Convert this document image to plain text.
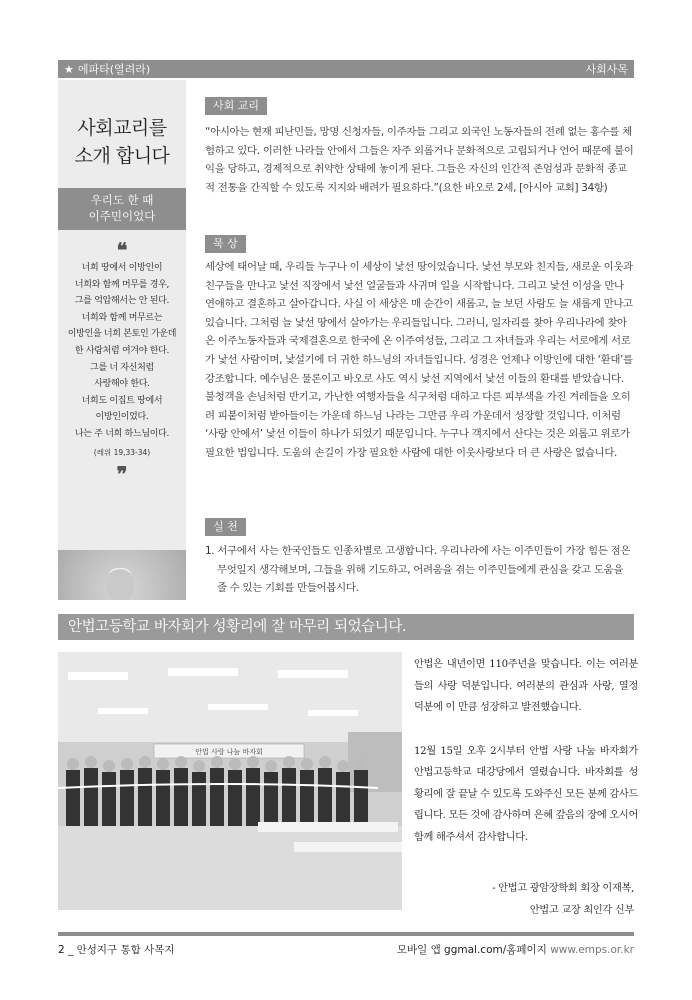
★ 에파타(열려라)	사회사목
사회교리를
소개 합니다
우리도 한 때
이주민이었다
❝
너희 땅에서 이방인이
너희와 함께 머무를 경우,
그를 억압해서는 안 된다.
너희와 함께 머무르는
이방인을 너희 본토인 가운데
한 사람처럼 여겨야 한다.
그를 너 자신처럼
사랑해야 한다.
너희도 이집트 땅에서
이방인이었다.
나는 주 너희 하느님이다.
(레위 19,33-34)
❞
사회 교리
“아시아는 현재 피난민들, 망명 신청자들, 이주자들 그리고 외국인 노동자들의 전례 없는 홍수를 체험하고 있다. 이러한 나라들 안에서 그들은 자주 외롭거나 문화적으로 고립되거나 언어 때문에 불이익을 당하고, 경제적으로 취약한 상태에 놓이게 된다. 그들은 자신의 인간적 존엄성과 문화적 종교적 전통을 간직할 수 있도록 지지와 배려가 필요하다.”(요한 바오로 2세, [아시아 교회] 34항)
묵 상
세상에 태어날 때, 우리들 누구나 이 세상이 낯선 땅이었습니다. 낯선 부모와 친지들, 새로운 이웃과 친구들을 만나고 낯선 직장에서 낯선 얼굴들과 사귀며 일을 시작합니다. 그리고 낯선 이성을 만나 연애하고 결혼하고 살아갑니다. 사실 이 세상은 매 순간이 새롭고, 늘 보던 사람도 늘 새롭게 만나고 있습니다. 그처럼 늘 낯선 땅에서 살아가는 우리들입니다. 그러니, 일자리를 찾아 우리나라에 찾아온 이주노동자들과 국제결혼으로 한국에 온 이주여성들, 그리고 그 자녀들과 우리는 서로에게 서로가 낯선 사람이며, 낯설기에 더 귀한 하느님의 자녀들입니다. 성경은 언제나 이방인에 대한 ‘환대’를 강조합니다. 예수님은 물론이고 바오로 사도 역시 낯선 지역에서 낯선 이들의 환대를 받았습니다. 불청객을 손님처럼 반기고, 가난한 여행자들을 식구처럼 대하고 다른 피부색을 가진 겨레들을 오히려 피붙이처럼 받아들이는 가운데 하느님 나라는 그만큼 우리 가운데서 성장할 것입니다. 이처럼 ‘사랑 안에서’ 낯선 이들이 하나가 되었기 때문입니다. 누구나 객지에서 산다는 것은 외롭고 위로가 필요한 법입니다. 도움의 손길이 가장 필요한 사람에 대한 이웃사랑보다 더 큰 사랑은 없습니다.
실 천
1. 서구에서 사는 한국인들도 인종차별로 고생합니다. 우리나라에 사는 이주민들이 가장 힘든 점은 무엇일지 생각해보며, 그들을 위해 기도하고, 어려움을 겪는 이주민들에게 관심을 갖고 도움을 줄 수 있는 기회를 만들어봅시다.
안법고등학교 바자회가 성황리에 잘 마무리 되었습니다.
안법 사랑 나눔 바자회

안법은 내년이면 110주년을 맞습니다. 이는 여러분들의 사랑 덕분입니다. 여러분의 관심과 사랑, 열정 덕분에 이 만큼 성장하고 발전했습니다.

12월 15일 오후 2시부터 안법 사랑 나눔 바자회가 안법고등학교 대강당에서 열렸습니다. 바자회를 성황리에 잘 끝날 수 있도록 도와주신 모든 분께 감사드립니다. 모든 것에 감사하며 은혜 갚음의 장에 오시어 함께 해주셔서 감사합니다.

- 안법고 광암장학회 회장 이재복,
안법고 교장 최인각 신부
2 _ 안성지구 통합 사목지	모바일 앱 ggmal.com/홈페이지 www.emps.or.kr
